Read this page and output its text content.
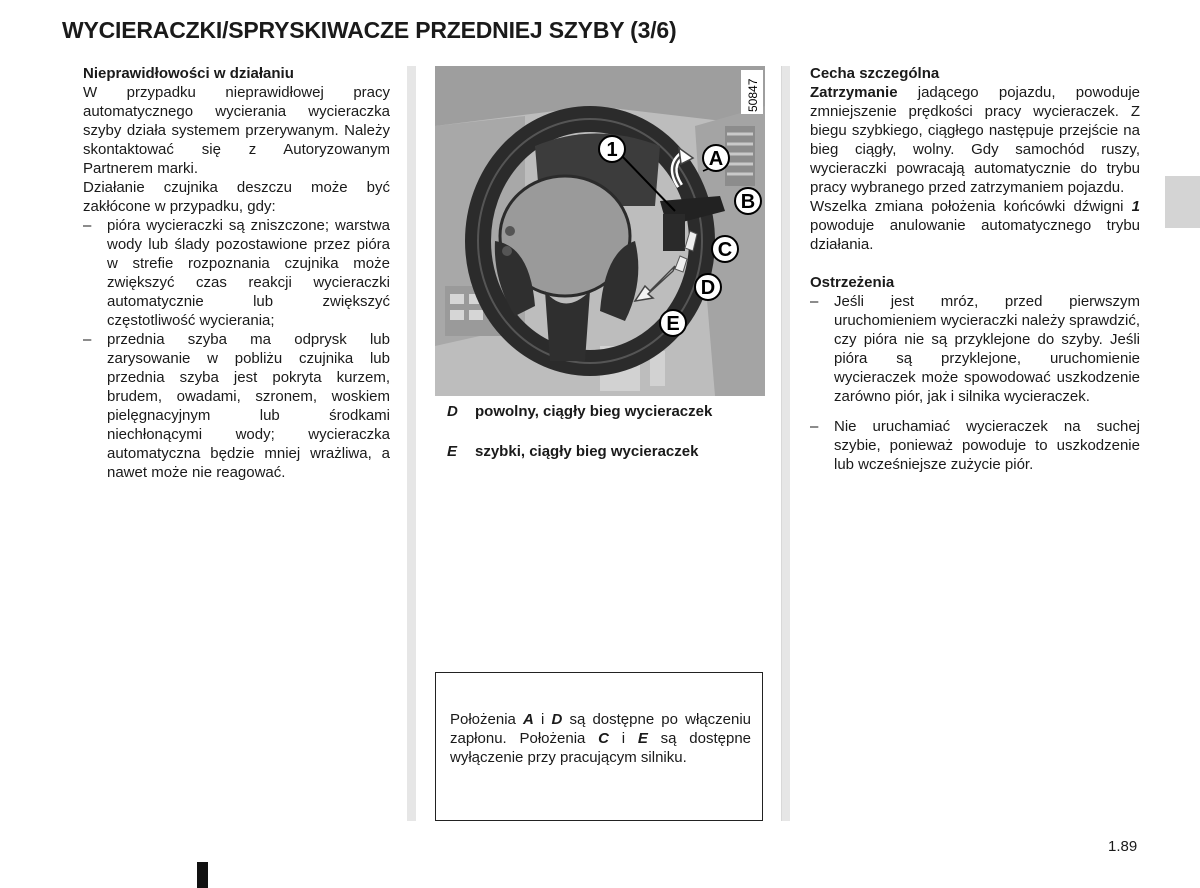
WYCIERACZKI/SPRYSKIWACZE PRZEDNIEJ SZYBY (3/6)

Nieprawidłowości w działaniu

W przypadku nieprawidłowej pracy automatycznego wycierania wycieraczka szyby działa systemem przerywanym. Należy skontaktować się z Autoryzowanym Partnerem marki.

Działanie czujnika deszczu może być zakłócone w przypadku, gdy:

– pióra wycieraczki są zniszczone; warstwa wody lub ślady pozostawione przez pióra w strefie rozpoznania czujnika może zwiększyć czas reakcji wycieraczki automatycznie lub zwiększyć częstotliwość wycierania;
– przednia szyba ma odprysk lub zarysowanie w pobliżu czujnika lub przednia szyba jest pokryta kurzem, brudem, owadami, szronem, woskiem pielęgnacyjnym lub środkami niechłonącymi wody; wycieraczka automatyczna będzie mniej wrażliwa, a nawet może nie reagować.
1	A
B
C
D
E
50847
D powolny, ciągły bieg wycieraczek
E szybki, ciągły bieg wycieraczek
Położenia A i D są dostępne po włączeniu zapłonu. Położenia C i E są dostępne wyłączenie przy pracującym silniku.

Cecha szczególna

Zatrzymanie jadącego pojazdu, powoduje zmniejszenie prędkości pracy wycieraczek. Z biegu szybkiego, ciągłego następuje przejście na bieg ciągły, wolny. Gdy samochód ruszy, wycieraczki powracają automatycznie do trybu pracy wybranego przed zatrzymaniem pojazdu.

Wszelka zmiana położenia końcówki dźwigni 1 powoduje anulowanie automatycznego trybu działania.

Ostrzeżenia

– Jeśli jest mróz, przed pierwszym uruchomieniem wycieraczki należy sprawdzić, czy pióra nie są przyklejone do szyby. Jeśli pióra są przyklejone, uruchomienie wycieraczek może spowodować uszkodzenie zarówno piór, jak i silnika wycieraczek.
– Nie uruchamiać wycieraczek na suchej szybie, ponieważ powoduje to uszkodzenie lub wcześniejsze zużycie piór.
1.89
